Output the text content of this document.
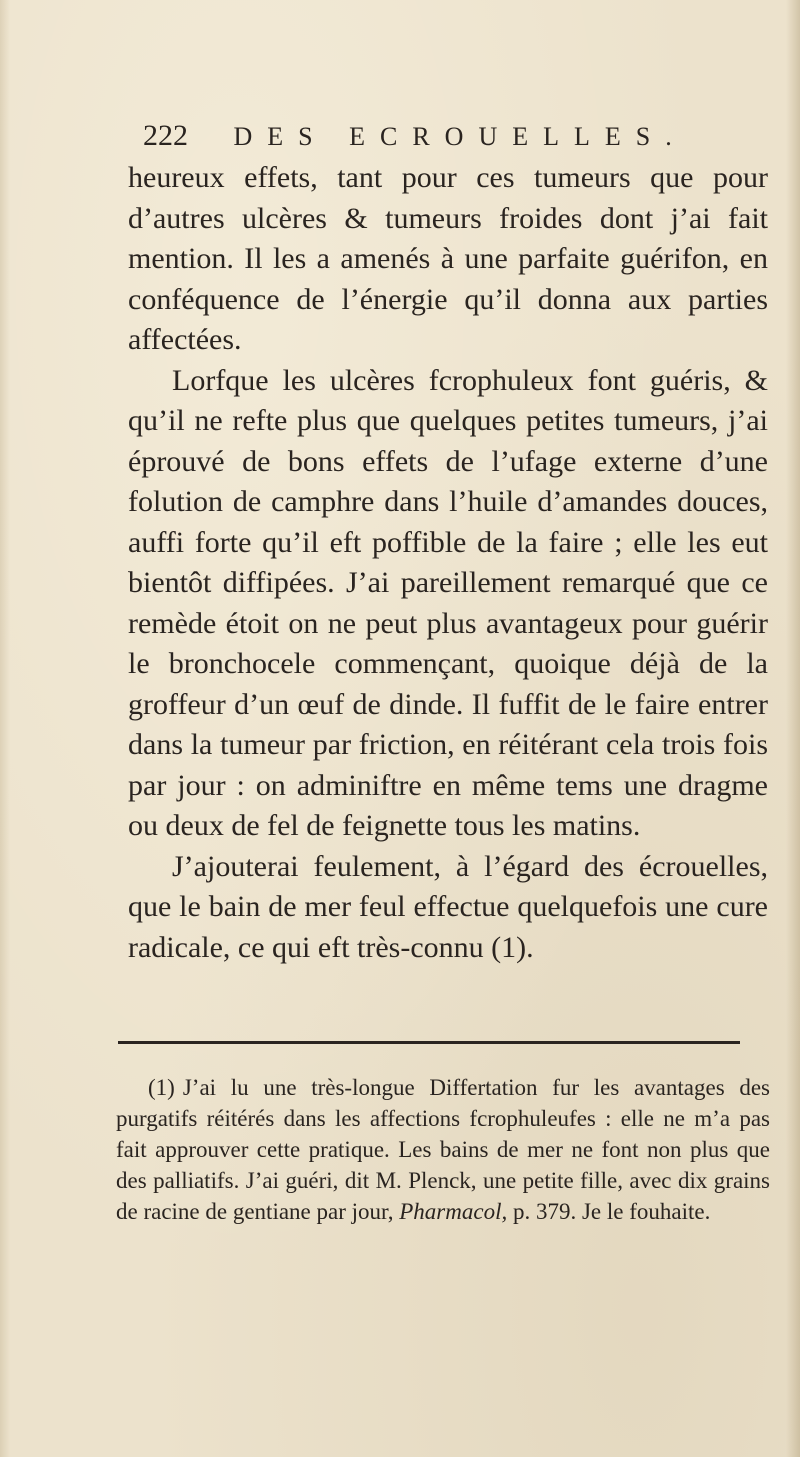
222 DES ECROUELLES.

heureux effets, tant pour ces tumeurs que pour d’autres ulcères & tumeurs froides dont j’ai fait mention. Il les a amenés à une parfaite guérifon, en conféquence de l’énergie qu’il donna aux parties affectées.

Lorfque les ulcères fcrophuleux font guéris, & qu’il ne refte plus que quelques petites tumeurs, j’ai éprouvé de bons effets de l’ufage externe d’une folution de camphre dans l’huile d’amandes douces, auffi forte qu’il eft poffible de la faire ; elle les eut bientôt diffipées. J’ai pareillement remarqué que ce remède étoit on ne peut plus avantageux pour guérir le bronchocele commençant, quoique déjà de la groffeur d’un œuf de dinde. Il fuffit de le faire entrer dans la tumeur par friction, en réitérant cela trois fois par jour : on adminiftre en même tems une dragme ou deux de fel de feignette tous les matins.

J’ajouterai feulement, à l’égard des écrouelles, que le bain de mer feul effectue quelquefois une cure radicale, ce qui eft très-connu (1).

(1) J’ai lu une très-longue Differtation fur les avantages des purgatifs réitérés dans les affections fcrophuleufes : elle ne m’a pas fait approuver cette pratique. Les bains de mer ne font non plus que des palliatifs. J’ai guéri, dit M. Plenck, une petite fille, avec dix grains de racine de gentiane par jour, Pharmacol, p. 379. Je le fouhaite.
